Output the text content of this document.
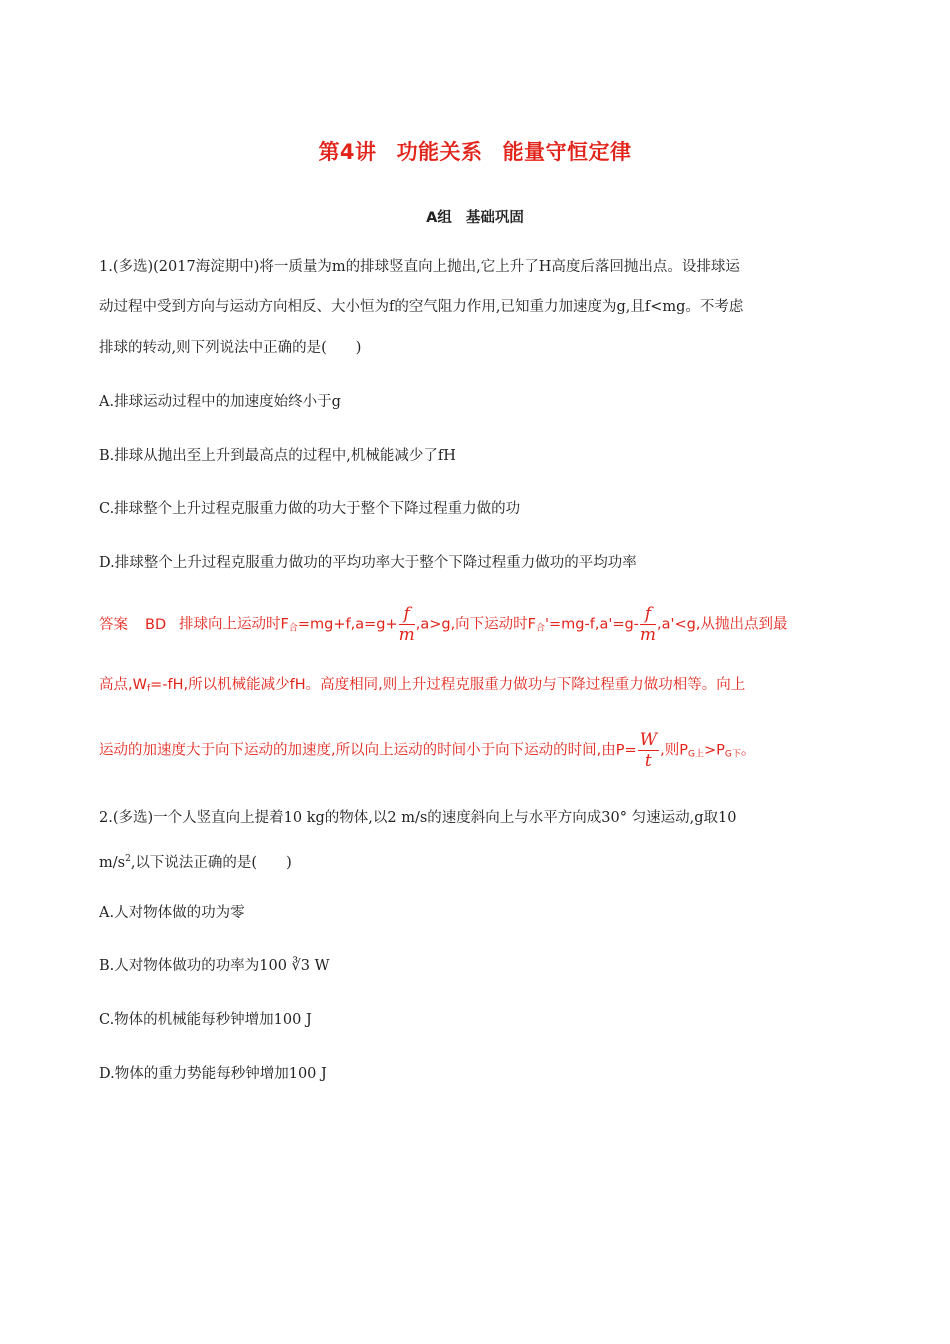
第4讲 功能关系 能量守恒定律
A组 基础巩固
1.(多选)(2017海淀期中)将一质量为m的排球竖直向上抛出,它上升了H高度后落回抛出点。设排球运
动过程中受到方向与运动方向相反、大小恒为f的空气阻力作用,已知重力加速度为g,且f<mg。不考虑
排球的转动,则下列说法中正确的是(　　)
A.排球运动过程中的加速度始终小于g
B.排球从抛出至上升到最高点的过程中,机械能减少了fH
C.排球整个上升过程克服重力做的功大于整个下降过程重力做的功
D.排球整个上升过程克服重力做功的平均功率大于整个下降过程重力做功的平均功率
答案 BD 排球向上运动时$F_合=mg+f,a=g+ \frac{f}{m} ,a>g$,向下运动时$F_合'=mg-f,a'=g- \frac{f}{m} ,a'<g$,从抛出点到最
高点$,W_f=-fH$,所以机械能减少fH。高度相同,则上升过程克服重力做功与下降过程重力做功相等。向上
运动的加速度大于向下运动的加速度,所以向上运动的时间小于向下运动的时间,由$P= \frac{W}{t}$ ,则$P_{G上}>P_{G下}$。
2.(多选)一个人竖直向上提着10 kg的物体,以2 m/s的速度斜向上与水平方向成30° 匀速运动,g取10
$m/s^2$,以下说法正确的是(　　)
A.人对物体做的功为零
B.人对物体做功的功率为100 ∛3 W
C.物体的机械能每秒钟增加100 J
D.物体的重力势能每秒钟增加100 J
